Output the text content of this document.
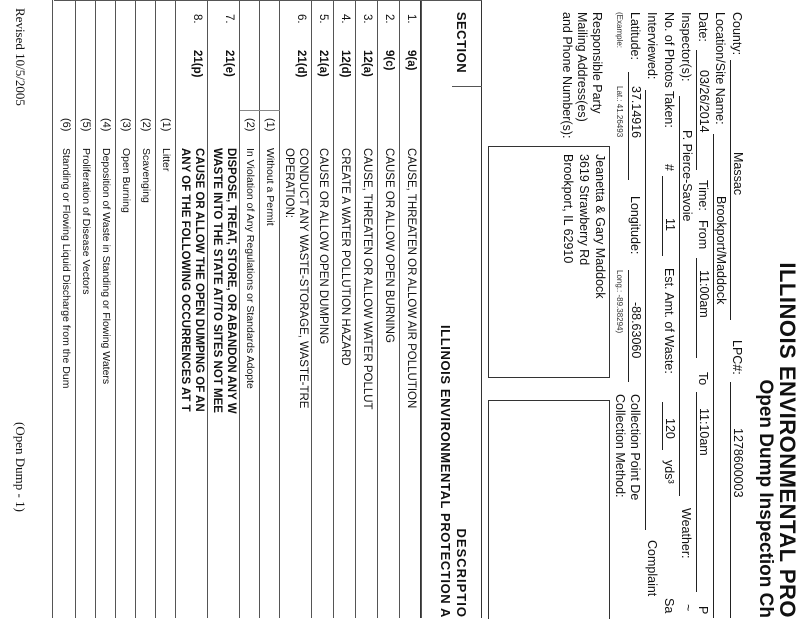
ILLINOIS ENVIRONMENTAL PRO
Open Dump Inspection Ch
County:
Massac
LPC#:
1278600003
Location/Site Name:
Brookport/Maddock
Date:
03/26/2014
Time:
From
11:00am
To
11:10am
P
Inspector(s):
P. Pierce-Savoie
Weather:
~
No. of Photos Taken:
#
11
Est. Amt. of Waste:
120
yds³
Sa
Interviewed:
Complaint
Latitude:
37.14916
Longitude:
-88.63060
Collection Point De
(Example:
Lat.: 41.26493
Long.: -89.38294)
Collection Method:
Responsible Party
Mailing Address(es)
and Phone Number(s):
Jeanetta & Gary Maddock
3619 Strawberry Rd
Brookport, IL 62910
SECTION
DESCRIPTIO
ILLINOIS ENVIRONMENTAL PROTECTION A
1.
9(a)
CAUSE, THREATEN OR ALLOW AIR POLLUTION
2.
9(c)
CAUSE OR ALLOW OPEN BURNING
3.
12(a)
CAUSE, THREATEN OR ALLOW WATER POLLUT
4.
12(d)
CREATE A WATER POLLUTION HAZARD
5.
21(a)
CAUSE OR ALLOW OPEN DUMPING
6.
21(d)
CONDUCT ANY WASTE-STORAGE, WASTE-TRE
OPERATION:
(1)
Without a Permit
(2)
In Violation of Any Regulations or Standards Adopte
7.
21(e)
DISPOSE, TREAT, STORE, OR ABANDON ANY W
WASTE INTO THE STATE AT/TO SITES NOT MEE
8.
21(p)
CAUSE OR ALLOW THE OPEN DUMPING OF AN
ANY OF THE FOLLOWING OCCURRENCES AT T
(1)
Litter
(2)
Scavenging
(3)
Open Burning
(4)
Deposition of Waste in Standing or Flowing Waters
(5)
Proliferation of Disease Vectors
(6)
Standing or Flowing Liquid Discharge from the Dum
Revised 10/5/2005
(Open Dump - 1)
